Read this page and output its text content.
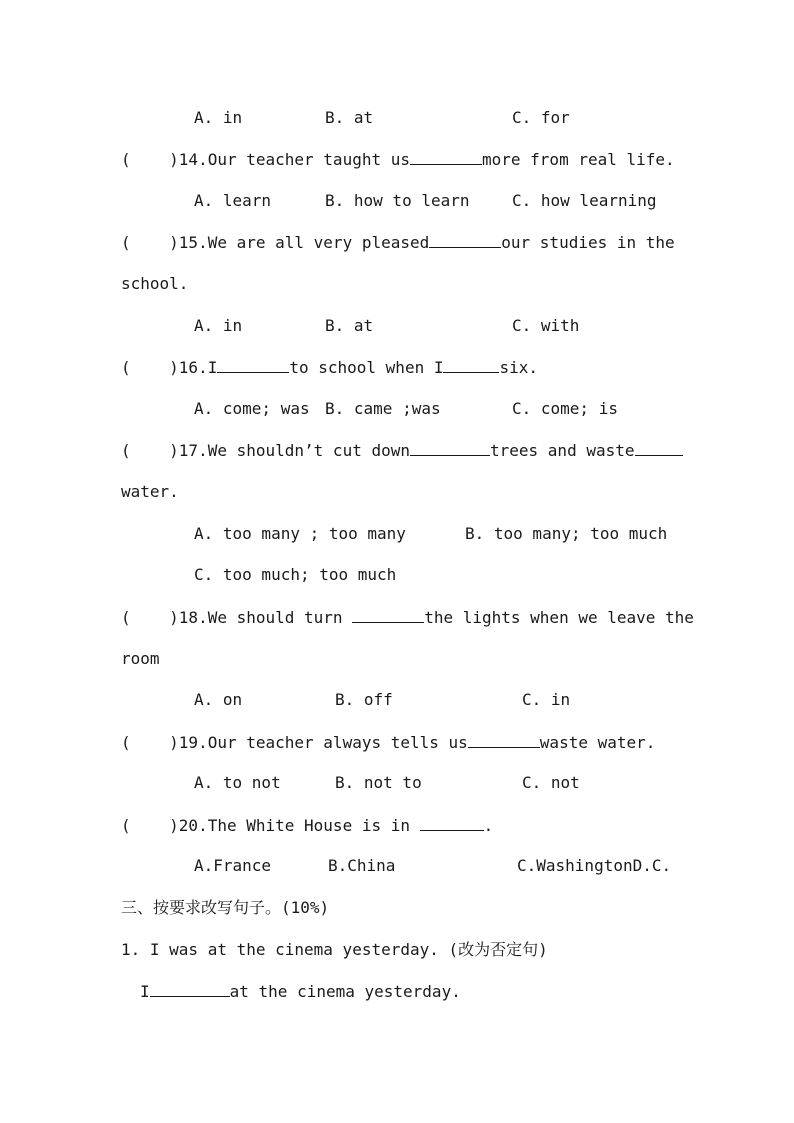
A. in	B. at	C. for
(    )14.Our teacher taught us	more from real life.
A. learn	B. how to learn	C. how learning
(    )15.We are all very pleased	our studies in the
school.
A. in	B. at	C. with
(    )16.I	to school when I	six.
A. come; was B. came ;was	C. come; is
(    )17.We shouldn’t cut down	trees and waste
water.
A. too many ; too many	B. too many; too much
C. too much; too much
(    )18.We should turn	the lights when we leave the
room
A. on	B. off	C. in
(    )19.Our teacher always tells us	waste water.
A. to not	B. not to	C. not
(    )20.The White House is in	.
A.France	B.China	C.WashingtonD.C.
三、按要求改写句子。(10%)
1. I was at the cinema yesterday. (改为否定句)
I	at the cinema yesterday.
